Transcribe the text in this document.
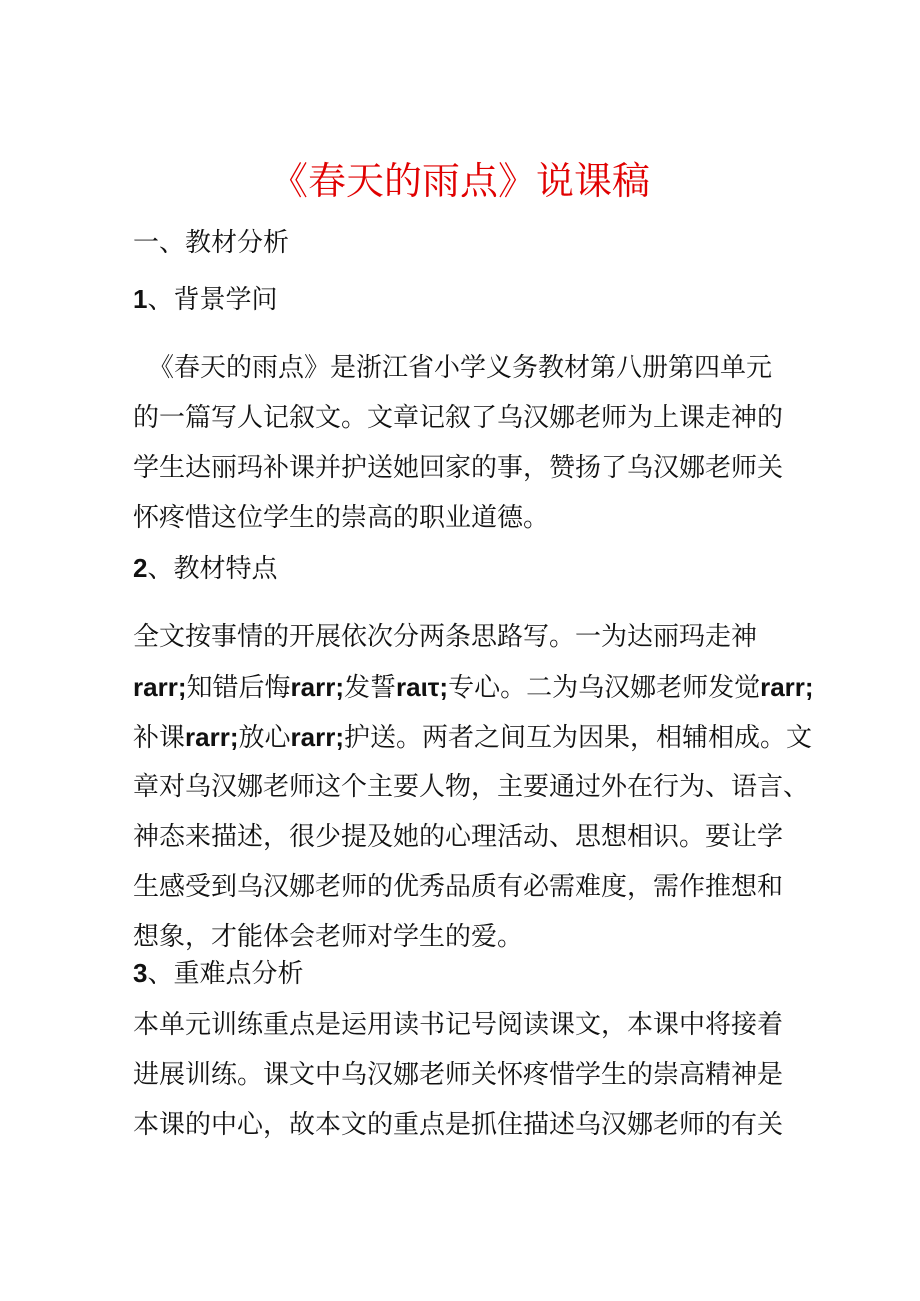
《春天的雨点》说课稿
一、教材分析
1、背景学问
《春天的雨点》是浙江省小学义务教材第八册第四单元
的一篇写人记叙文。文章记叙了乌汉娜老师为上课走神的
学生达丽玛补课并护送她回家的事，赞扬了乌汉娜老师关
怀疼惜这位学生的崇高的职业道德。
2、教材特点
全文按事情的开展依次分两条思路写。一为达丽玛走神
rarr;知错后悔rarr;发誓raιτ;专心。二为乌汉娜老师发觉rarr;
补课rarr;放心rarr;护送。两者之间互为因果，相辅相成。文
章对乌汉娜老师这个主要人物，主要通过外在行为、语言、
神态来描述，很少提及她的心理活动、思想相识。要让学
生感受到乌汉娜老师的优秀品质有必需难度，需作推想和
想象，才能体会老师对学生的爱。
3、重难点分析
本单元训练重点是运用读书记号阅读课文，本课中将接着
进展训练。课文中乌汉娜老师关怀疼惜学生的崇高精神是
本课的中心，故本文的重点是抓住描述乌汉娜老师的有关
